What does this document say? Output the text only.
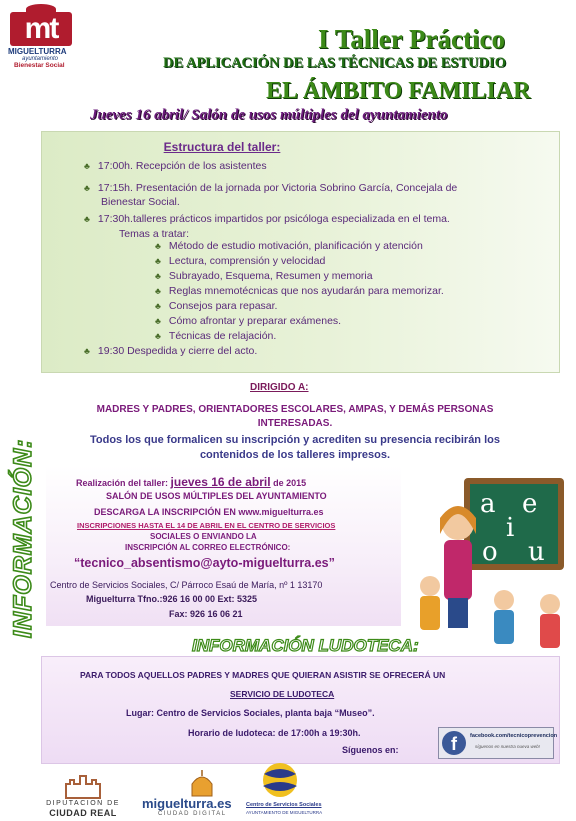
mt
MIGUELTURRA
ayuntamiento
Bienestar Social
I Taller Práctico
DE APLICACIÓN DE LAS TÉCNICAS DE ESTUDIO
EL ÁMBITO FAMILIAR
Jueves 16 abril/ Salón de usos múltiples del ayuntamiento
Estructura del taller:
♣ 17:00h. Recepción de los asistentes
♣ 17:15h. Presentación de la jornada por Victoria Sobrino García, Concejala de
Bienestar Social.
♣ 17:30h.talleres prácticos impartidos por psicóloga especializada en el tema.
Temas a tratar:
♣ Método de estudio motivación, planificación y atención
♣ Lectura, comprensión y velocidad
♣ Subrayado, Esquema, Resumen y memoria
♣ Reglas mnemotécnicas que nos ayudarán para memorizar.
♣ Consejos para repasar.
♣ Cómo afrontar y preparar exámenes.
♣ Técnicas de relajación.
♣ 19:30 Despedida y cierre del acto.
DIRIGIDO A:
MADRES Y PADRES, ORIENTADORES ESCOLARES, AMPAS, Y DEMÁS PERSONAS
INTERESADAS.
Todos los que formalicen su inscripción y acrediten su presencia recibirán los
contenidos de los talleres impresos.
INFORMACIÓN:	Realización del taller: jueves 16 de abril de 2015
SALÓN DE USOS MÚLTIPLES DEL AYUNTAMIENTO
DESCARGA LA INSCRIPCIÓN EN www.miguelturra.es
INSCRIPCIONES HASTA EL 14 DE ABRIL EN EL CENTRO DE SERVICIOS
SOCIALES O ENVIANDO LA
INSCRIPCIÓN AL CORREO ELECTRÓNICO:
“tecnico_absentismo@ayto-miguelturra.es”
Centro de Servicios Sociales, C/ Párroco Esaú de María, nº 1 13170
Miguelturra Tfno.:926 16 00 00 Ext: 5325
Fax: 926 16 06 21
a e
i
o u
INFORMACIÓN LUDOTECA:
PARA TODOS AQUELLOS PADRES Y MADRES QUE QUIERAN ASISTIR SE OFRECERÁ UN
SERVICIO DE LUDOTECA
Lugar: Centro de Servicios Sociales, planta baja “Museo”.
Horario de ludoteca: de 17:00h a 19:30h.
Síguenos en:	f	facebook.com/tecnicoprevencion
síguenos en nuestra nueva web!
DIPUTACION DE
CIUDAD REAL
miguelturra.es
CIUDAD DIGITAL
Centro de Servicios Sociales
AYUNTAMIENTO DE MIGUELTURRA
